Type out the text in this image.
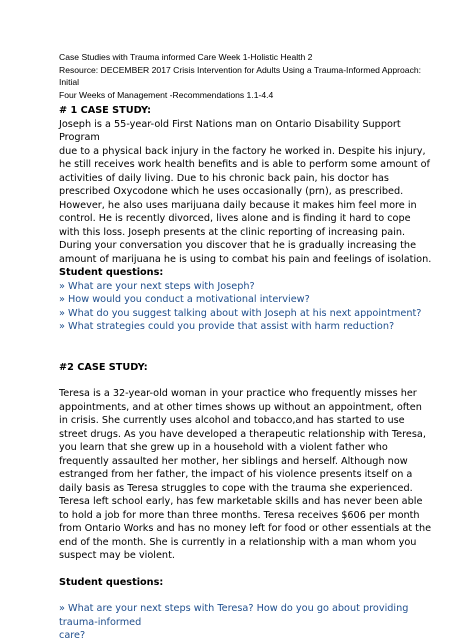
Case Studies with Trauma informed Care Week 1-Holistic Health 2

Resource: DECEMBER 2017 Crisis Intervention for Adults Using a Trauma-Informed Approach: Initial

Four Weeks of Management -Recommendations 1.1-4.4

# 1 CASE STUDY:

Joseph is a 55-year-old First Nations man on Ontario Disability Support

Program

due to a physical back injury in the factory he worked in. Despite his injury,

he still receives work health benefits and is able to perform some amount of

activities of daily living. Due to his chronic back pain, his doctor has

prescribed Oxycodone which he uses occasionally (prn), as prescribed.

However, he also uses marijuana daily because it makes him feel more in

control. He is recently divorced, lives alone and is finding it hard to cope

with this loss. Joseph presents at the clinic reporting of increasing pain.

During your conversation you discover that he is gradually increasing the

amount of marijuana he is using to combat his pain and feelings of isolation.

Student questions:

» What are your next steps with Joseph?

» How would you conduct a motivational interview?

» What do you suggest talking about with Joseph at his next appointment?

» What strategies could you provide that assist with harm reduction?

#2 CASE STUDY:

Teresa is a 32-year-old woman in your practice who frequently misses her

appointments, and at other times shows up without an appointment, often

in crisis. She currently uses alcohol and tobacco,and has started to use

street drugs. As you have developed a therapeutic relationship with Teresa,

you learn that she grew up in a household with a violent father who

frequently assaulted her mother, her siblings and herself. Although now

estranged from her father, the impact of his violence presents itself on a

daily basis as Teresa struggles to cope with the trauma she experienced.

Teresa left school early, has few marketable skills and has never been able

to hold a job for more than three months. Teresa receives $606 per month

from Ontario Works and has no money left for food or other essentials at the

end of the month. She is currently in a relationship with a man whom you

suspect may be violent.

Student questions:

» What are your next steps with Teresa? How do you go about providing

trauma-informed

care?
